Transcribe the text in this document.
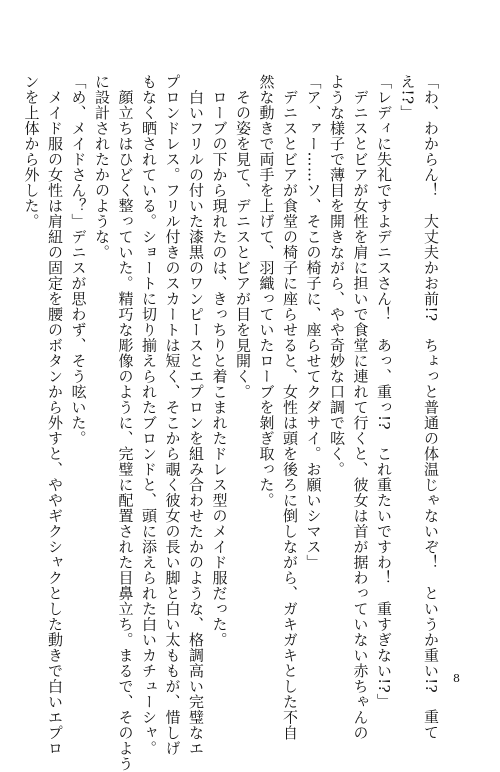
「わ、わからん！　大丈夫かお前!?　ちょっと普通の体温じゃないぞ！　というか重い!?　重て

え!?」

「レディに失礼ですよデニスさん！　あっ、重っ!?　これ重たいですわ！　重すぎない!?」

　デニスとビアが女性を肩に担いで食堂に連れて行くと、彼女は首が据わっていない赤ちゃんの

ような様子で薄目を開きながら、やや奇妙な口調で呟く。

「ア、ァー……ソ、そこの椅子に、座らせてクダサイ。お願いシマス」

　デニスとビアが食堂の椅子に座らせると、女性は頭を後ろに倒しながら、ガキガキとした不自

然な動きで両手を上げて、羽織っていたローブを剝ぎ取った。

　その姿を見て、デニスとビアが目を見開く。

　ローブの下から現れたのは、きっちりと着こまれたドレス型のメイド服だった。

　白いフリルの付いた漆黒のワンピースとエプロンを組み合わせたかのような、格調高い完璧なエ

プロンドレス。フリル付きのスカートは短く、そこから覗く彼女の長い脚と白い太ももが、惜しげ

もなく晒されている。ショートに切り揃えられたブロンドと、頭に添えられた白いカチューシャ。

　顔立ちはひどく整っていた。精巧な彫像のように、完璧に配置された目鼻立ち。まるで、そのよう

に設計されたかのような。

「め、メイドさん？」デニスが思わず、そう呟いた。

　メイド服の女性は肩紐の固定を腰のボタンから外すと、ややギクシャクとした動きで白いエプロ

ンを上体から外した。

8
